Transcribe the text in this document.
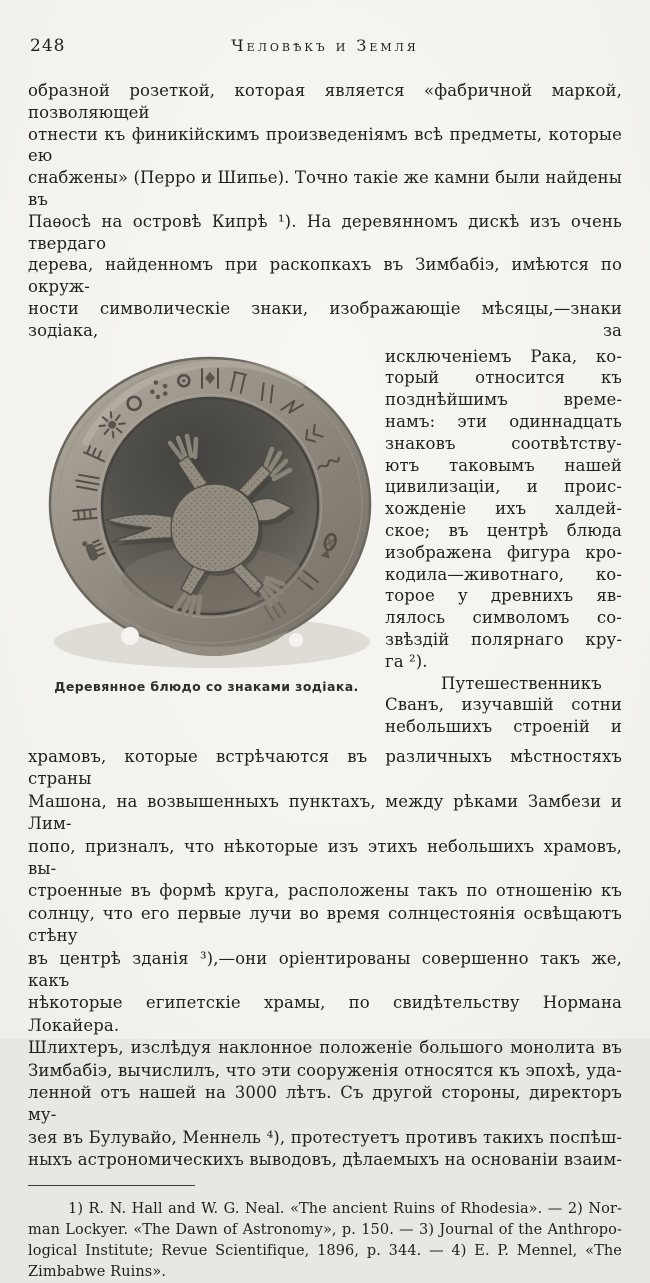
248	Человѣкъ и Земля
образной розеткой, которая является «фабричной маркой, позволяющей
отнести къ финикійскимъ произведеніямъ всѣ предметы, которые ею
снабжены» (Перро и Шипье). Точно такіе же камни были найдены въ
Паѳосѣ на островѣ Кипрѣ ¹). На деревянномъ дискѣ изъ очень твердаго
дерева, найденномъ при раскопкахъ въ Зимбабіэ, имѣются по окруж-
ности символическіе знаки, изображающіе мѣсяцы,—знаки зодіака, за
Деревянное блюдо со знаками зодіака.
исключеніемъ Рака, ко-
торый относится къ
позднѣйшимъ време-
намъ: эти одиннадцать
знаковъ соотвѣтству-
ютъ таковымъ нашей
цивилизаціи, и проис-
хожденіе ихъ халдей-
ское; въ центрѣ блюда
изображена фигура кро-
кодила—животнаго, ко-
торое у древнихъ яв-
лялось символомъ со-
звѣздій полярнаго кру-
га ²).
Путешественникъ
Сванъ, изучавшій сотни
небольшихъ строеній и
храмовъ, которые встрѣчаются въ различныхъ мѣстностяхъ страны
Машона, на возвышенныхъ пунктахъ, между рѣками Замбези и Лим-
попо, призналъ, что нѣкоторые изъ этихъ небольшихъ храмовъ, вы-
строенные въ формѣ круга, расположены такъ по отношенію къ
солнцу, что его первые лучи во время солнцестоянія освѣщаютъ стѣну
въ центрѣ зданія ³),—они оріентированы совершенно такъ же, какъ
нѣкоторые египетскіе храмы, по свидѣтельству Нормана Локайера.
Шлихтеръ, изслѣдуя наклонное положеніе большого монолита въ
Зимбабіэ, вычислилъ, что эти сооруженія относятся къ эпохѣ, уда-
ленной отъ нашей на 3000 лѣтъ. Съ другой стороны, директоръ му-
зея въ Булувайо, Меннель ⁴), протестуетъ противъ такихъ поспѣш-
ныхъ астрономическихъ выводовъ, дѣлаемыхъ на основаніи взаим-
1) R. N. Hall and W. G. Neal. «The ancient Ruins of Rhodesia». — 2) Nor-
man Lockyer. «The Dawn of Astronomy», p. 150. — 3) Journal of the Anthropo-
logical Institute; Revue Scientifique, 1896, p. 344. — 4) E. P. Mennel, «The
Zimbabwe Ruins».
